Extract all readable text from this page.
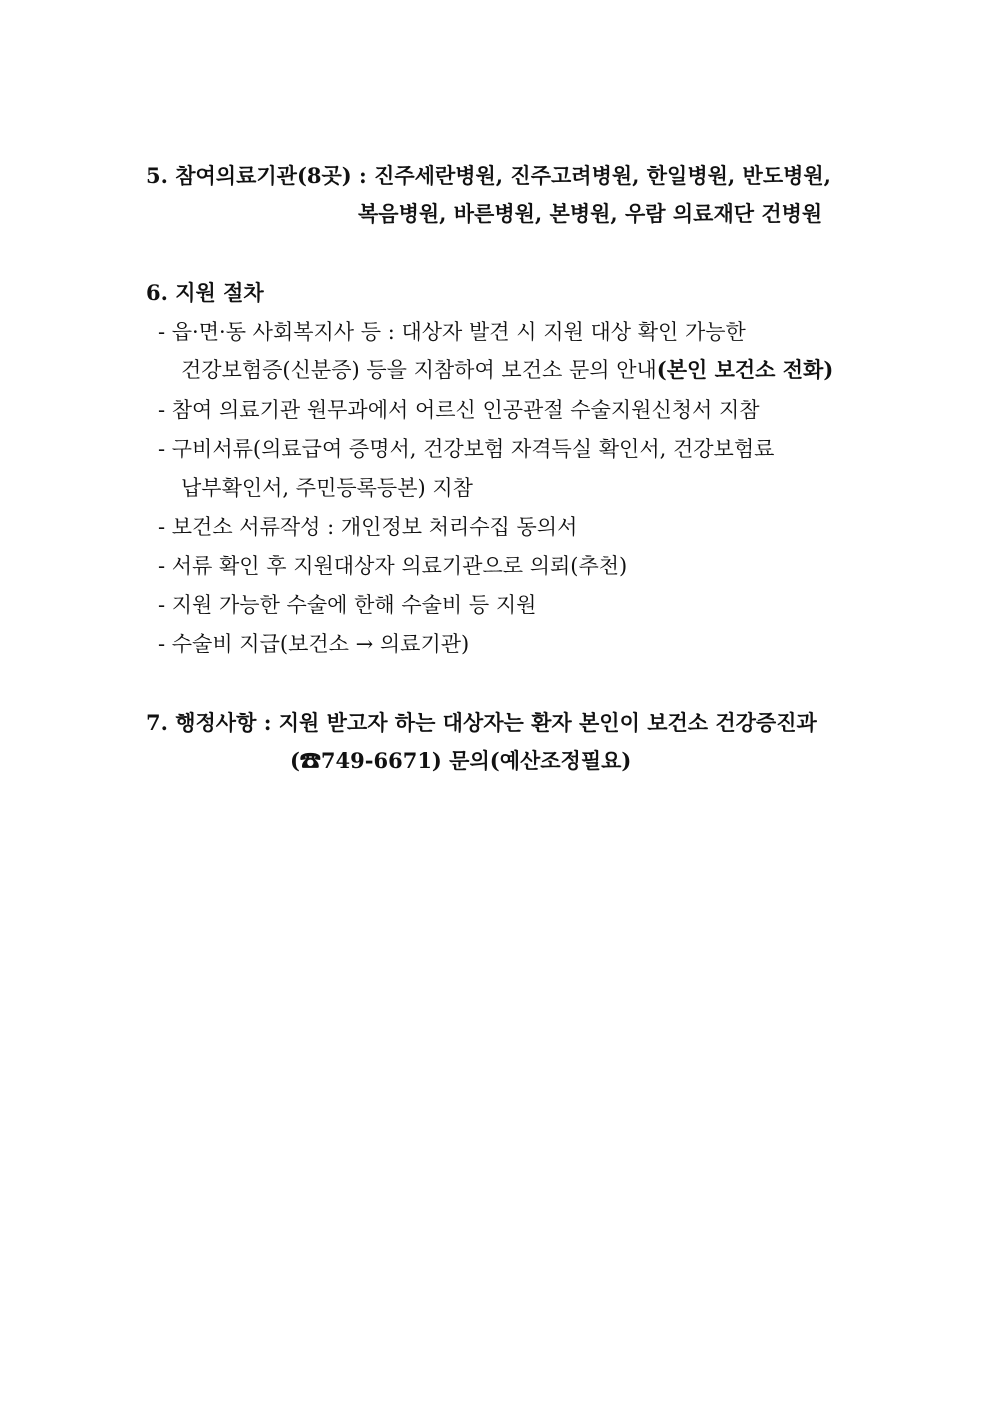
5. 참여의료기관(8곳) : 진주세란병원, 진주고려병원, 한일병원, 반도병원,
복음병원, 바른병원, 본병원, 우람 의료재단 건병원
6. 지원 절차
- 읍·면·동 사회복지사 등 : 대상자 발견 시 지원 대상 확인 가능한
건강보험증(신분증) 등을 지참하여 보건소 문의 안내(본인 보건소 전화)
- 참여 의료기관 원무과에서 어르신 인공관절 수술지원신청서 지참
- 구비서류(의료급여 증명서, 건강보험 자격득실 확인서, 건강보험료
납부확인서, 주민등록등본) 지참
- 보건소 서류작성 : 개인정보 처리수집 동의서
- 서류 확인 후 지원대상자 의료기관으로 의뢰(추천)
- 지원 가능한 수술에 한해 수술비 등 지원
- 수술비 지급(보건소 → 의료기관)
7. 행정사항 : 지원 받고자 하는 대상자는 환자 본인이 보건소 건강증진과
(☎749-6671) 문의(예산조정필요)
